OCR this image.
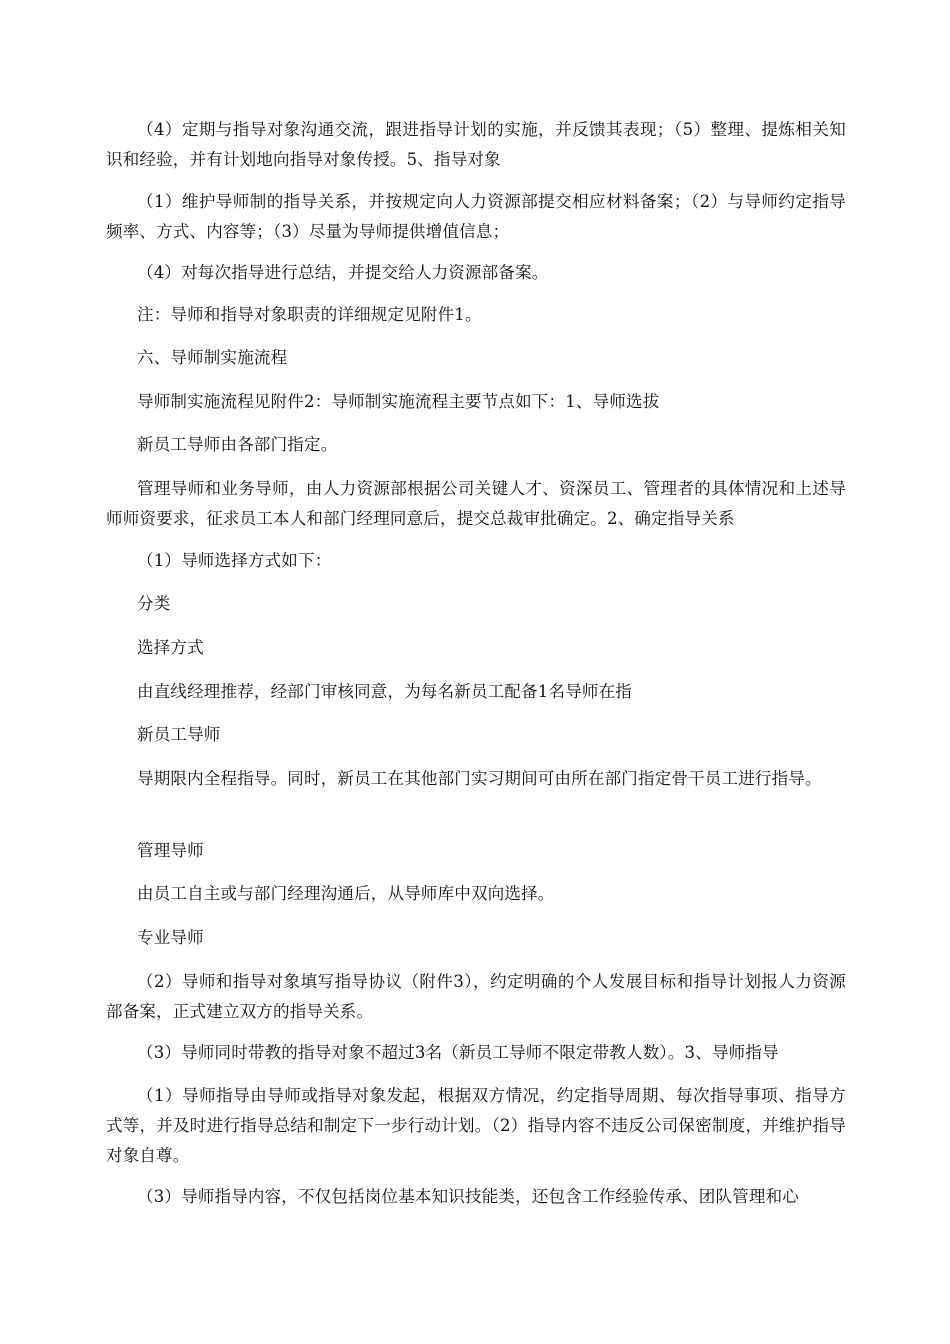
（4）定期与指导对象沟通交流，跟进指导计划的实施，并反馈其表现；（5）整理、提炼相关知识和经验，并有计划地向指导对象传授。5、指导对象

（1）维护导师制的指导关系，并按规定向人力资源部提交相应材料备案；（2）与导师约定指导频率、方式、内容等；（3）尽量为导师提供增值信息；

（4）对每次指导进行总结，并提交给人力资源部备案。

注：导师和指导对象职责的详细规定见附件1。

六、导师制实施流程

导师制实施流程见附件2：导师制实施流程主要节点如下：1、导师选拔

新员工导师由各部门指定。

管理导师和业务导师，由人力资源部根据公司关键人才、资深员工、管理者的具体情况和上述导师师资要求，征求员工本人和部门经理同意后，提交总裁审批确定。2、确定指导关系

（1）导师选择方式如下：

分类

选择方式

由直线经理推荐，经部门审核同意，为每名新员工配备1名导师在指

新员工导师

导期限内全程指导。同时，新员工在其他部门实习期间可由所在部门指定骨干员工进行指导。

管理导师

由员工自主或与部门经理沟通后，从导师库中双向选择。

专业导师

（2）导师和指导对象填写指导协议（附件3），约定明确的个人发展目标和指导计划报人力资源部备案，正式建立双方的指导关系。

（3）导师同时带教的指导对象不超过3名（新员工导师不限定带教人数）。3、导师指导

（1）导师指导由导师或指导对象发起，根据双方情况，约定指导周期、每次指导事项、指导方式等，并及时进行指导总结和制定下一步行动计划。（2）指导内容不违反公司保密制度，并维护指导对象自尊。

（3）导师指导内容，不仅包括岗位基本知识技能类，还包含工作经验传承、团队管理和心
